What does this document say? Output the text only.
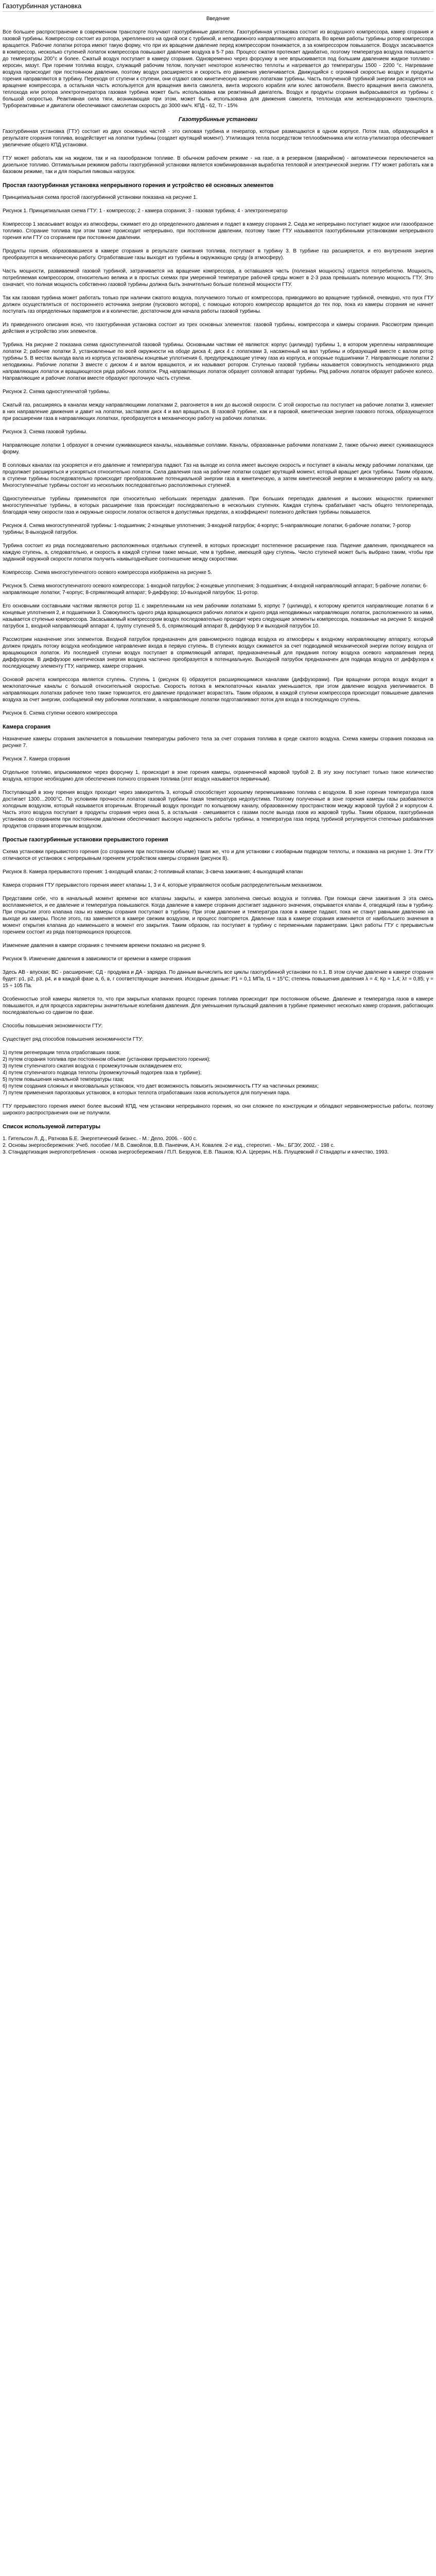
Газотурбинная установка

Введение

Все большее распространение в современном транспорте получают газотурбинные двигатели. Газотурбинная установка состоит из воздушного компрессора, камер сгорания и газовой турбины. Компрессор состоит из ротора, укрепленного на одной оси с турбиной, и неподвижного направляющего аппарата. Во время работы турбины ротор компрессора вращается. Рабочие лопатки ротора имеют такую форму, что при их вращении давление перед компрессором понижается, а за компрессором повышается. Воздух засасывается в компрессор, несколько ступеней лопаток компрессора повышают давление воздуха в 5-7 раз. Процесс сжатия протекает адиабатно, поэтому температура воздуха повышается до температуры 200°с и более. Сжатый воздух поступает в камеру сгорания. Одновременно через форсунку в нее впрыскивается под большим давлением жидкое топливо - керосин, мазут. При горении топлива воздух, служащий рабочим телом, получает некоторое количество теплоты и нагревается до температуры 1500 - 2200 °с. Нагревание воздуха происходит при постоянном давлении, поэтому воздух расширяется и скорость его движения увеличивается. Движущийся с огромной скоростью воздух и продукты горения направляются в турбину. Переходя от ступени к ступени, они отдают свою кинетическую энергию лопаткам турбины. Часть полученной турбиной энергии расходуется на вращение компрессора, а остальная часть используется для вращения винта самолета, винта морского корабля или колес автомобиля. Вместо вращения винта самолета, теплохода или ротора электрогенератора газовая турбина может быть использована как реактивный двигатель. Воздух и продукты сгорания выбрасываются из турбины с большой скоростью. Реактивная сила тяги, возникающая при этом, может быть использована для движения самолета, теплохода или железнодорожного транспорта. Турбореактивные и двигатели обеспечивают самолетам скорость до 3000 км/ч. КПД - 62, Тг - 15%

Газотурбинные установки

Газотурбинная установка (ГТУ) состоит из двух основных частей - это силовая турбина и генератор, которые размещаются в одном корпусе. Поток газа, образующийся в результате сгорания топлива, воздействует на лопатки турбины (создает крутящий момент). Утилизация тепла посредством теплообменника или котла-утилизатора обеспечивает увеличение общего КПД установки.

ГТУ может работать как на жидком, так и на газообразном топливе. В обычном рабочем режиме - на газе, а в резервном (аварийном) - автоматически переключается на дизельное топливо. Оптимальным режимом работы газотурбинной установки является комбинированная выработка тепловой и электрической энергии. ГТУ может работать как в базовом режиме, так и для покрытия пиковых нагрузок.

Простая газотурбинная установка непрерывного горения и устройство её основных элементов

Принципиальная схема простой газотурбинной установки показана на рисунке 1.

Рисунок 1. Принципиальная схема ГТУ: 1 - компрессор; 2 - камера сгорания; 3 - газовая турбина; 4 - электрогенератор

Компрессор 1 засасывает воздух из атмосферы, сжимает его до определенного давления и подает в камеру сгорания 2. Сюда же непрерывно поступает жидкое или газообразное топливо. Сгорание топлива при этом также происходит непрерывно, при постоянном давлении, поэтому такие ГТУ называются газотурбинными установками непрерывного горения или ГТУ со сгоранием при постоянном давлении.

Продукты горения, образовавшиеся в камере сгорания в результате сжигания топлива, поступают в турбину 3. В турбине газ расширяется, и его внутренняя энергия преобразуется в механическую работу. Отработавшие газы выходят из турбины в окружающую среду (в атмосферу).

Часть мощности, развиваемой газовой турбиной, затрачивается на вращение компрессора, а оставшаяся часть (полезная мощность) отдается потребителю. Мощность, потребляемая компрессором, относительно велика и в простых схемах при умеренной температуре рабочей среды может в 2-3 раза превышать полезную мощность ГТУ. Это означает, что полная мощность собственно газовой турбины должна быть значительно больше полезной мощности ГТУ.

Так как газовая турбина может работать только при наличии сжатого воздуха, получаемого только от компрессора, приводимого во вращение турбиной, очевидно, что пуск ГТУ должен осуществляться от постороннего источника энергии (пускового мотора), с помощью которого компрессор вращается до тех пор, пока из камеры сгорания не начнет поступать газ определенных параметров и в количестве, достаточном для начала работы газовой турбины.

Из приведенного описания ясно, что газотурбинная установка состоит из трех основных элементов: газовой турбины, компрессора и камеры сгорания. Рассмотрим принцип действия и устройство этих элементов.

Турбина. На рисунке 2 показана схема одноступенчатой газовой турбины. Основными частями её являются: корпус (цилиндр) турбины 1, в котором укреплены направляющие лопатки 2; рабочие лопатки 3, установленные по всей окружности на ободе диска 4; диск 4 с лопатками 3, насаженный на вал турбины и образующий вместе с валом ротор турбины 5. В местах выхода вала из корпуса установлены концевые уплотнения 6, предупреждающие утечку газа из корпуса, и опорные подшипники 7. Направляющие лопатки 2 неподвижны. Рабочие лопатки 3 вместе с диском 4 и валом вращаются, и их называют ротором. Ступенью газовой турбины называется совокупность неподвижного ряда направляющих лопаток и вращающегося ряда рабочих лопаток. Ряд направляющих лопаток образует сопловой аппарат турбины. Ряд рабочих лопаток образует рабочее колесо. Направляющие и рабочие лопатки вместе образуют проточную часть ступени.

Рисунок 2. Схема одноступенчатой турбины.

Сжатый газ, расширяясь в каналах между направляющими лопатками 2, разгоняется в них до высокой скорости. С этой скоростью газ поступает на рабочие лопатки 3, изменяет в них направление движения и давит на лопатки, заставляя диск 4 и вал вращаться. В газовой турбине, как и в паровой, кинетическая энергия газового потока, образующегося при расширении газа в направляющих лопатках, преобразуется в механическую работу на рабочих лопатках.

Рисунок 3. Схема газовой турбины.

Направляющие лопатки 1 образуют в сечении суживающиеся каналы, называемые соплами. Каналы, образованные рабочими лопатками 2, также обычно имеют суживающуюся форму.

В сопловых каналах газ ускоряется и его давление и температура падают. Газ на выходе из сопла имеет высокую скорость и поступает в каналы между рабочими лопатками, где продолжает расширяться и ускоряться относительно лопаток. Сила давления газа на рабочие лопатки создает крутящий момент, который вращает диск турбины. Таким образом, в ступени турбины последовательно происходит преобразование потенциальной энергии газа в кинетическую, а затем кинетической энергии в механическую работу на валу. Многоступенчатые турбины состоят из нескольких последовательно расположенных ступеней.

Одноступенчатые турбины применяются при относительно небольших перепадах давления. При больших перепадах давления и высоких мощностях применяют многоступенчатые турбины, в которых расширение газа происходит последовательно в нескольких ступенях. Каждая ступень срабатывает часть общего теплоперепада, благодаря чему скорости газа и окружные скорости лопаток остаются в допустимых пределах, а коэффициент полезного действия турбины повышается.

Рисунок 4. Схема многоступенчатой турбины: 1-подшипник; 2-концевые уплотнения; 3-входной патрубок; 4-корпус; 5-направляющие лопатки; 6-рабочие лопатки; 7-ротор турбины; 8-выходной патрубок.

Турбина состоит из ряда последовательно расположенных отдельных ступеней, в которых происходит постепенное расширение газа. Падение давления, приходящееся на каждую ступень, а, следовательно, и скорость в каждой ступени также меньше, чем в турбине, имеющей одну ступень. Число ступеней может быть выбрано таким, чтобы при заданной окружной скорости лопаток получить наивыгоднейшее соотношение между скоростями.

Компрессор. Схема многоступенчатого осевого компрессора изображена на рисунке 5.

Рисунок 5. Схема многоступенчатого осевого компрессора: 1-входной патрубок; 2-концевые уплотнения; 3-подшипник; 4-входной направляющий аппарат; 5-рабочие лопатки; 6-направляющие лопатки; 7-корпус; 8-спрямляющий аппарат; 9-диффузор; 10-выходной патрубок; 11-ротор.

Его основными составными частями являются ротор 11 с закрепленными на нем рабочими лопатками 5, корпус 7 (цилиндр), к которому крепится направляющие лопатки 6 и концевые уплотнения 2, и подшипники 3. Совокупность одного ряда вращающихся рабочих лопаток и одного ряда неподвижных направляющих лопаток, расположенного за ними, называется ступенью компрессора. Засасываемый компрессором воздух последовательно проходит через следующие элементы компрессора, показанные на рисунке 5: входной патрубок 1, входной направляющий аппарат 4, группу ступеней 5, 6, спрямляющий аппарат 8, диффузор 9 и выходной патрубок 10.

Рассмотрим назначение этих элементов. Входной патрубок предназначен для равномерного подвода воздуха из атмосферы к входному направляющему аппарату, который должен придать потоку воздуха необходимое направление входа в первую ступень. В ступенях воздух сжимается за счет подводимой механической энергии потоку воздуха от вращающихся лопаток. Из последней ступени воздух поступает в спрямляющий аппарат, предназначенный для придания потоку воздуха осевого направления перед диффузором. В диффузоре кинетическая энергия воздуха частично преобразуется в потенциальную. Выходной патрубок предназначен для подвода воздуха от диффузора к последующему элементу ГТУ, например, камере сгорания.

Основой расчета компрессора является ступень. Ступень 1 (рисунок 6) образуется расширяющимися каналами (диффузорами). При вращении ротора воздух входит в межлопаточные каналы с большой относительной скоростью. Скорость потока в межлопаточных каналах уменьшается, при этом давление воздуха увеличивается. В направляющих лопатках рабочее тело также тормозится, его давление продолжает возрастать. Таким образом, в каждой ступени компрессора происходит повышение давления воздуха за счет энергии, сообщаемой ему рабочими лопатками, а направляющие лопатки подготавливают поток для входа в последующую ступень.

Рисунок 6. Схема ступени осевого компрессора
Камера сгорания

Назначение камеры сгорания заключается в повышении температуры рабочего тела за счет сгорания топлива в среде сжатого воздуха. Схема камеры сгорания показана на рисунке 7.

Рисунок 7. Камера сгорания

Отдельное топливо, впрыскиваемое через форсунку 1, происходит в зоне горения камеры, ограниченной жаровой трубой 2. В эту зону поступает только такое количество воздуха, которое необходимо для обеспечения полного сгорания топлива (этот воздух называется первичным).

Поступающий в зону горения воздух проходит через завихритель 3, который способствует хорошему перемешиванию топлива с воздухом. В зоне горения температура газов достигает 1300…2000°С. По условиям прочности лопаток газовой турбины такая температура недопустима. Поэтому полученные в зоне горения камеры газы разбавляются холодным воздухом, который называется вторичным. Вторичный воздух проходит по кольцевому каналу, образованному пространством между жаровой трубой 2 и корпусом 4. Часть этого воздуха поступает в продукты сгорания через окна 5, а остальная - смешивается с газами после выхода газов из жаровой трубы. Таким образом, газотурбинная установка со сгоранием при постоянном давлении обеспечивает высокую надежность работы турбины, а температура газа перед турбиной регулируется степенью разбавления продуктов сгорания вторичным воздухом.

Простые газотурбинные установки прерывистого горения

Схема установки прерывистого горения (со сгоранием при постоянном объеме) такая же, что и для установки с изобарным подводом теплоты, и показана на рисунке 1. Эти ГТУ отличаются от установок с непрерывным горением устройством камеры сгорания (рисунок 8).

Рисунок 8. Камера прерывистого горения: 1-входящий клапан; 2-топливный клапан; 3-свеча зажигания; 4-выходящий клапан

Камера сгорания ГТУ прерывистого горения имеет клапаны 1, 3 и 4, которые управляются особым распределительным механизмом.

Представим себе, что в начальный момент времени все клапаны закрыты, и камера заполнена смесью воздуха и топлива. При помощи свечи зажигания 3 эта смесь воспламеняется, и ее давление и температура повышаются. Когда давление в камере сгорания достигает заданного значения, открывается клапан 4, отводящий газы в турбину. При открытии этого клапана газы из камеры сгорания поступают в турбину. При этом давление и температура газов в камере падают, пока не станут равными давлению на выходе из камеры. После этого, газ заменяется в камере свежим воздухом, и процесс повторяется. Давление газа в камере сгорания изменяется от наибольшего значения в момент открытия клапана до наименьшего в момент его закрытия. Таким образом, газ поступает в турбину с переменными параметрами. Цикл работы ГТУ с прерывистым горением состоит из ряда повторяющихся процессов.

Изменение давления в камере сгорания с течением времени показано на рисунке 9.

Рисунок 9. Изменение давления в зависимости от времени в камере сгорания

Здесь АВ - впуская; ВС - расширение; CД - продувка и ДА - зарядка. По данным вычислить все циклы газотурбинной установки по п.1. В этом случае давление в камере сгорания будет: р1, р2, р3, р4, и в каждой фазе а, б, в, г соответствующие значения. Исходные данные: Р1 = 0,1 МПа, t1 = 15°С; степень повышения давления λ = 4; Кр = 1,4; λт = 0,85; γ = 15 ÷ 105 Па.

Особенностью этой камеры является то, что при закрытых клапанах процесс горения топлива происходит при постоянном объеме. Давление и температура газов в камере повышаются, и для процесса характерны значительные колебания давления. Для уменьшения пульсаций давления в турбине применяют несколько камер сгорания, работающих последовательно со сдвигом по фазе.

Способы повышения экономичности ГТУ:

Существует ряд способов повышения экономичности ГТУ:

1) путем регенерации тепла отработавших газов;
2) путем сгорания топлива при постоянном объеме (установки прерывистого горения);
3) путем ступенчатого сжатия воздуха с промежуточным охлаждением его;
4) путем ступенчатого подвода теплоты (промежуточный подогрев газа в турбине);
5) путем повышения начальной температуры газа;
6) путем создания сложных и многовальных установок, что дает возможность повысить экономичность ГТУ на частичных режимах;
7) путем применения парогазовых установок, в которых теплота отработавших газов используется для получения пара.

ГТУ прерывистого горения имеют более высокий КПД, чем установки непрерывного горения, но они сложнее по конструкции и обладают неравномерностью работы, поэтому широкого распространения они не получили.

Список используемой литературы
1. Гительсон Л. Д., Ратнова Б.Е. Энергетический бизнес. - М.: Дело, 2006. - 600 с.
2. Основы энергосбережения: Учеб. пособие / М.В. Самойлов, В.В. Паневчик, А.Н. Ковалев. 2-е изд., стереотип. - Мн.: БГЭУ, 2002. - 198 с.
3. Стандартизация энергопотребления - основа энергосбережения / П.П. Безруков, Е.В. Пашков, Ю.А. Церерин, Н.Б. Плущевский // Стандарты и качество, 1993.
